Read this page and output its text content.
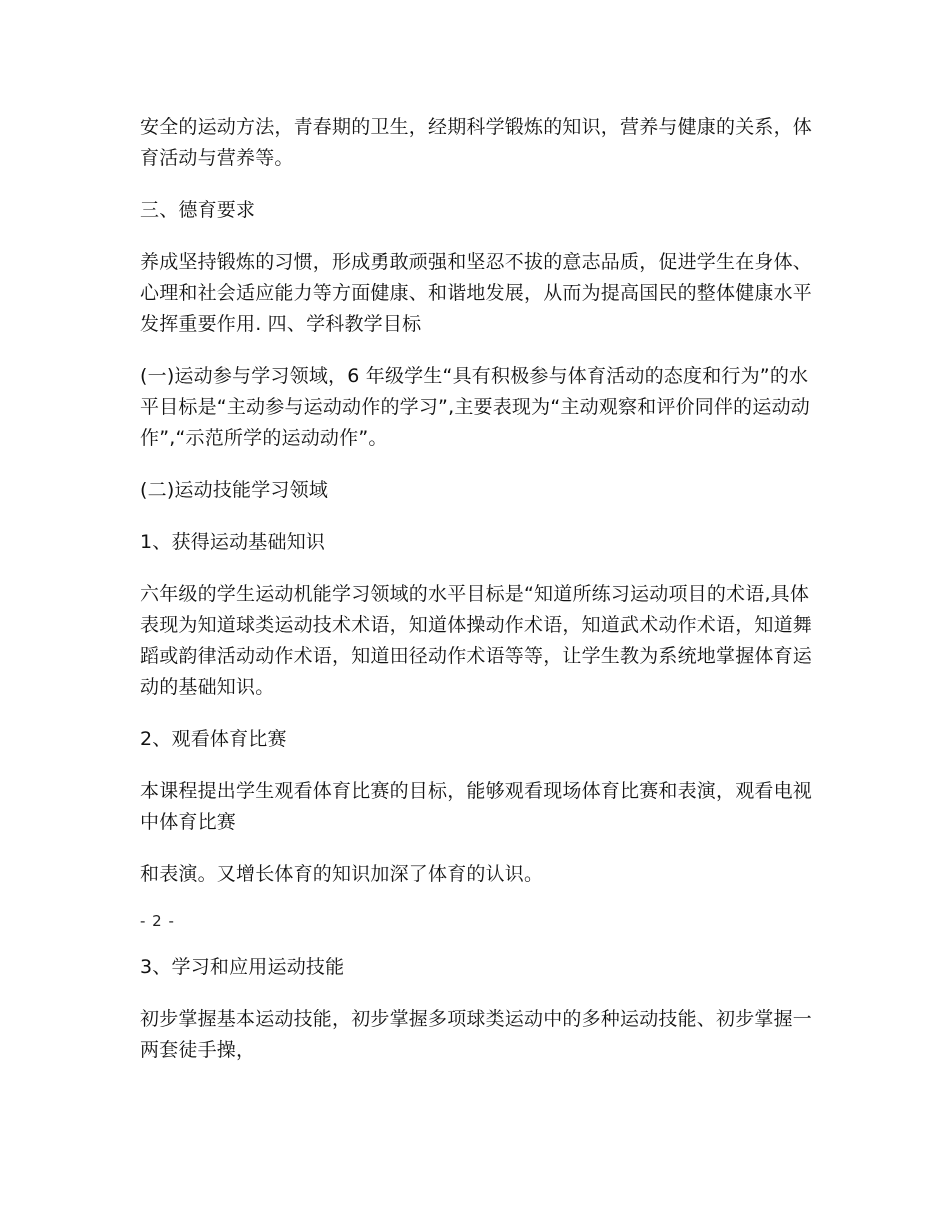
安全的运动方法，青春期的卫生，经期科学锻炼的知识，营养与健康的关系，体育活动与营养等。

三、德育要求

养成坚持锻炼的习惯，形成勇敢顽强和坚忍不拔的意志品质，促进学生在身体、心理和社会适应能力等方面健康、和谐地发展，从而为提高国民的整体健康水平发挥重要作用. 四、学科教学目标

(一)运动参与学习领域，6 年级学生“具有积极参与体育活动的态度和行为”的水平目标是“主动参与运动动作的学习”,主要表现为“主动观察和评价同伴的运动动作”,“示范所学的运动动作”。

(二)运动技能学习领域

1、获得运动基础知识

六年级的学生运动机能学习领域的水平目标是“知道所练习运动项目的术语,具体表现为知道球类运动技术术语，知道体操动作术语，知道武术动作术语，知道舞蹈或韵律活动动作术语，知道田径动作术语等等，让学生教为系统地掌握体育运动的基础知识。

2、观看体育比赛

本课程提出学生观看体育比赛的目标，能够观看现场体育比赛和表演，观看电视中体育比赛

和表演。又增长体育的知识加深了体育的认识。

- 2 -

3、学习和应用运动技能

初步掌握基本运动技能，初步掌握多项球类运动中的多种运动技能、初步掌握一两套徒手操，
